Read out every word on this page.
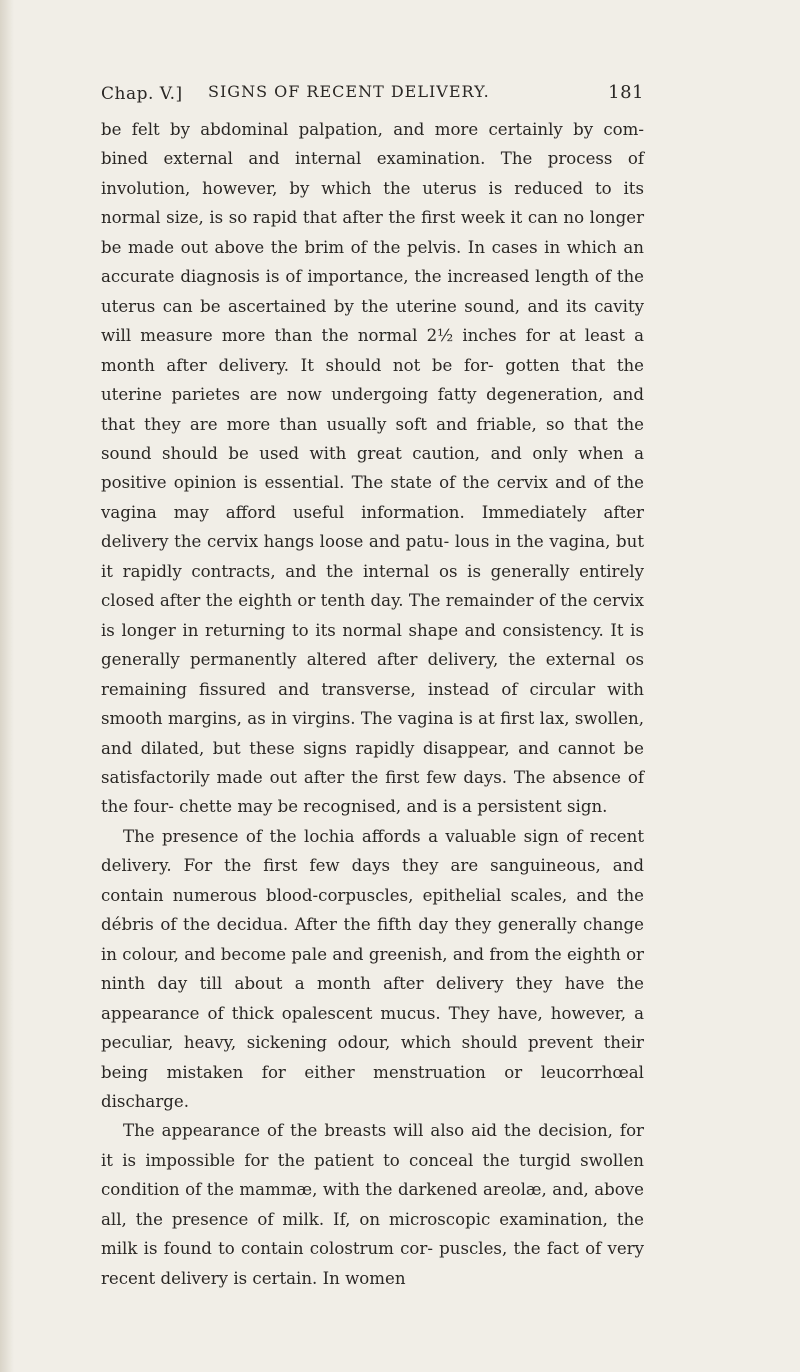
Chap. V.] SIGNS OF RECENT DELIVERY.	181

be felt by abdominal palpation, and more certainly by com- bined external and internal examination. The process of involution, however, by which the uterus is reduced to its normal size, is so rapid that after the first week it can no longer be made out above the brim of the pelvis. In cases in which an accurate diagnosis is of importance, the increased length of the uterus can be ascertained by the uterine sound, and its cavity will measure more than the normal 2½ inches for at least a month after delivery. It should not be for- gotten that the uterine parietes are now undergoing fatty degeneration, and that they are more than usually soft and friable, so that the sound should be used with great caution, and only when a positive opinion is essential. The state of the cervix and of the vagina may afford useful information. Immediately after delivery the cervix hangs loose and patu- lous in the vagina, but it rapidly contracts, and the internal os is generally entirely closed after the eighth or tenth day. The remainder of the cervix is longer in returning to its normal shape and consistency. It is generally permanently altered after delivery, the external os remaining fissured and transverse, instead of circular with smooth margins, as in virgins. The vagina is at first lax, swollen, and dilated, but these signs rapidly disappear, and cannot be satisfactorily made out after the first few days. The absence of the four- chette may be recognised, and is a persistent sign.

The presence of the lochia affords a valuable sign of recent delivery. For the first few days they are sanguineous, and contain numerous blood-corpuscles, epithelial scales, and the débris of the decidua. After the fifth day they generally change in colour, and become pale and greenish, and from the eighth or ninth day till about a month after delivery they have the appearance of thick opalescent mucus. They have, however, a peculiar, heavy, sickening odour, which should prevent their being mistaken for either menstruation or leucorrhœal discharge.

The appearance of the breasts will also aid the decision, for it is impossible for the patient to conceal the turgid swollen condition of the mammæ, with the darkened areolæ, and, above all, the presence of milk. If, on microscopic examination, the milk is found to contain colostrum cor- puscles, the fact of very recent delivery is certain. In women
